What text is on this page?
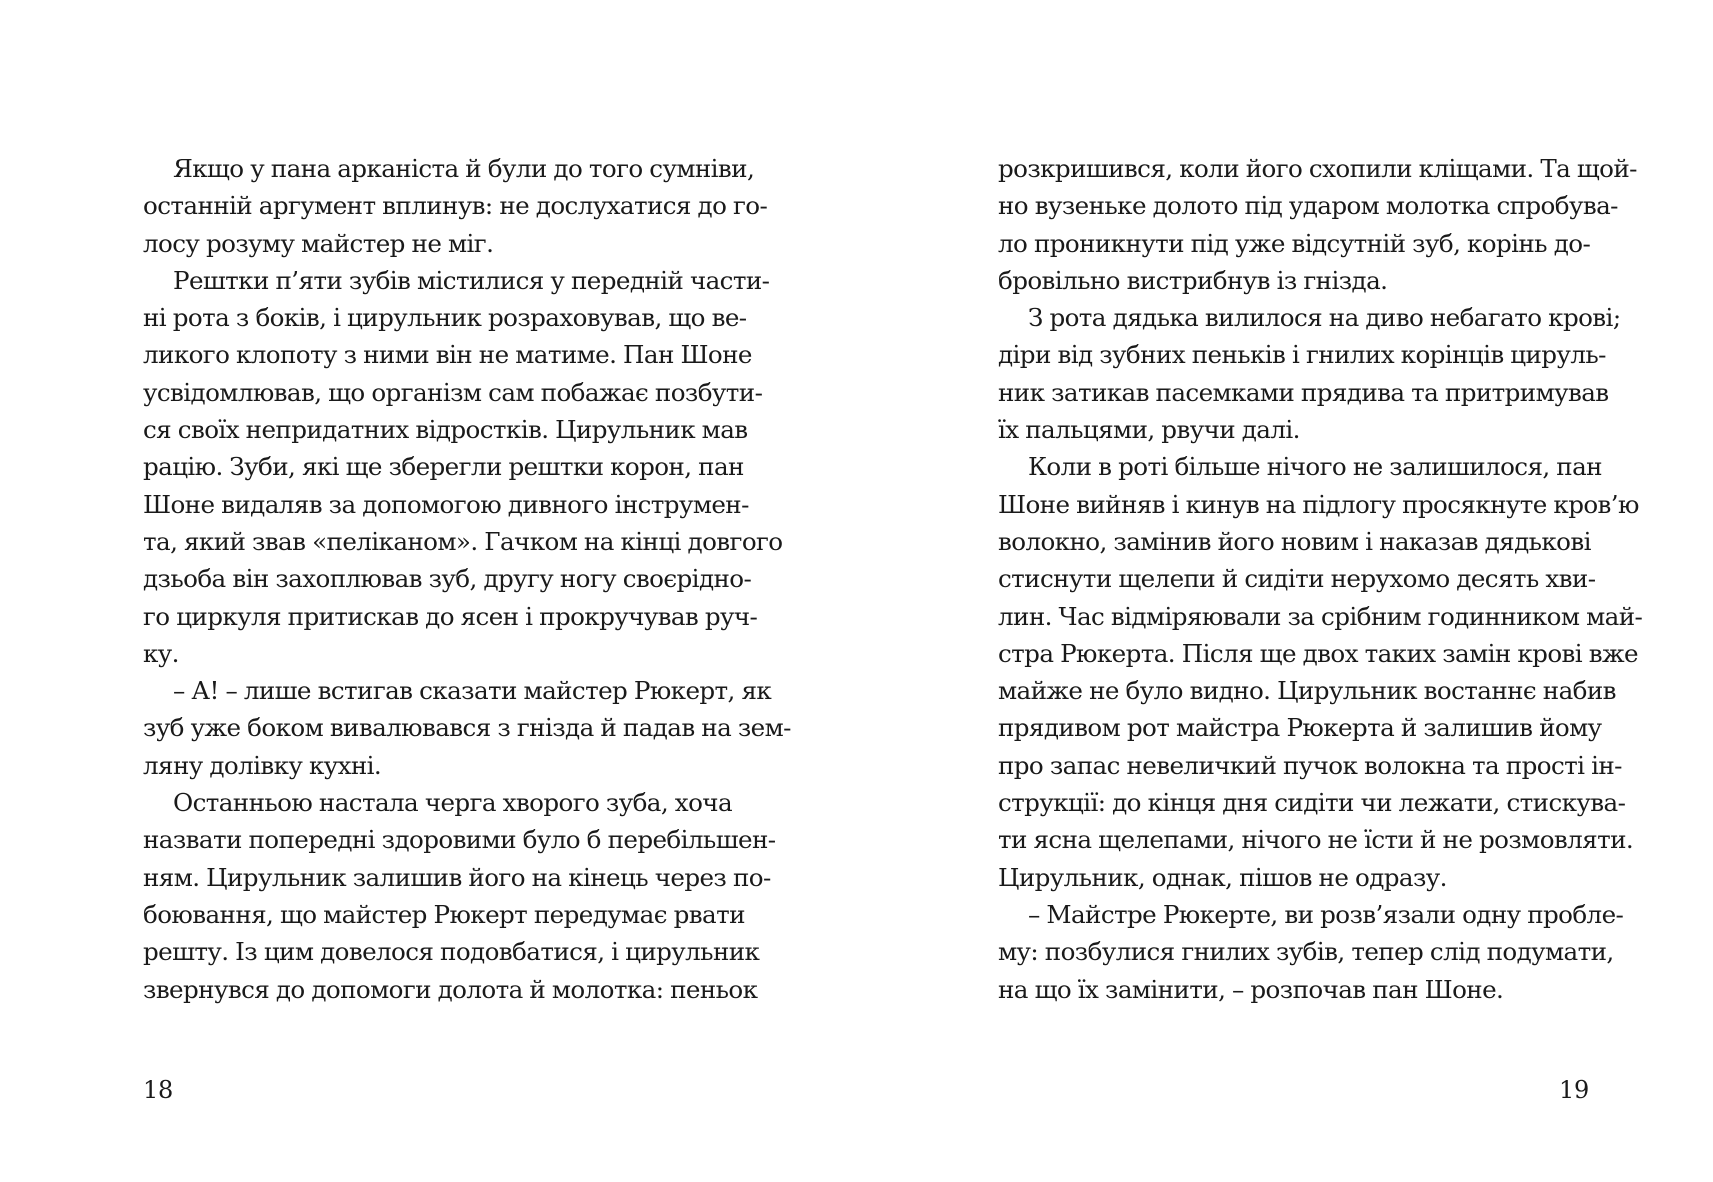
Якщо у пана арканіста й були до того сумніви,
останній аргумент вплинув: не дослухатися до го-
лосу розуму майстер не міг.
Рештки п’яти зубів містилися у передній части-
ні рота з боків, і цирульник розраховував, що ве-
ликого клопоту з ними він не матиме. Пан Шоне
усвідомлював, що організм сам побажає позбути-
ся своїх непридатних відростків. Цирульник мав
рацію. Зуби, які ще зберегли рештки корон, пан
Шоне видаляв за допомогою дивного інструмен-
та, який звав «пеліканом». Гачком на кінці довгого
дзьоба він захоплював зуб, другу ногу своєрідно-
го циркуля притискав до ясен і прокручував руч-
ку.
– А! – лише встигав сказати майстер Рюкерт, як
зуб уже боком вивалювався з гнізда й падав на зем-
ляну долівку кухні.
Останньою настала черга хворого зуба, хоча
назвати попередні здоровими було б перебільшен-
ням. Цирульник залишив його на кінець через по-
боювання, що майстер Рюкерт передумає рвати
решту. Із цим довелося подовбатися, і цирульник
звернувся до допомоги долота й молотка: пеньок
розкришився, коли його схопили кліщами. Та щой-
но вузеньке долото під ударом молотка спробува-
ло проникнути під уже відсутній зуб, корінь до-
бровільно вистрибнув із гнізда.
З рота дядька вилилося на диво небагато крові;
діри від зубних пеньків і гнилих корінців цируль-
ник затикав пасемками прядива та притримував
їх пальцями, рвучи далі.
Коли в роті більше нічого не залишилося, пан
Шоне вийняв і кинув на підлогу просякнуте кров’ю
волокно, замінив його новим і наказав дядькові
стиснути щелепи й сидіти нерухомо десять хви-
лин. Час відміряювали за срібним годинником май-
стра Рюкерта. Після ще двох таких замін крові вже
майже не було видно. Цирульник востаннє набив
прядивом рот майстра Рюкерта й залишив йому
про запас невеличкий пучок волокна та прості ін-
струкції: до кінця дня сидіти чи лежати, стискува-
ти ясна щелепами, нічого не їсти й не розмовляти.
Цирульник, однак, пішов не одразу.
– Майстре Рюкерте, ви розв’язали одну пробле-
му: позбулися гнилих зубів, тепер слід подумати,
на що їх замінити, – розпочав пан Шоне.
18	19
